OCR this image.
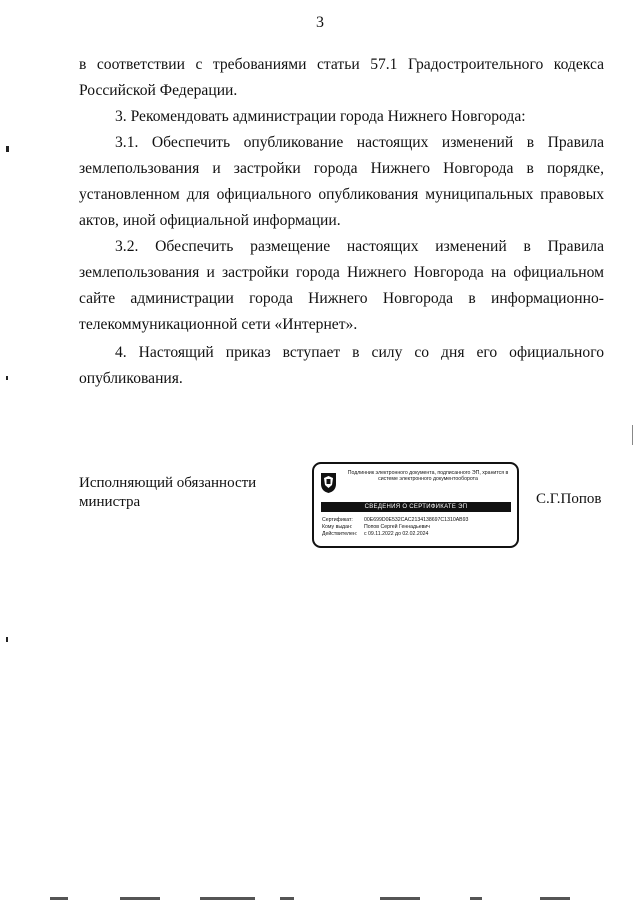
3
в соответствии с требованиями статьи 57.1 Градостроительного кодекса Российской Федерации.
3. Рекомендовать администрации города Нижнего Новгорода:
3.1. Обеспечить опубликование настоящих изменений в Правила землепользования и застройки города Нижнего Новгорода в порядке, установленном для официального опубликования муниципальных правовых актов, иной официальной информации.
3.2. Обеспечить размещение настоящих изменений в Правила землепользования и застройки города Нижнего Новгорода на официальном сайте администрации города Нижнего Новгорода в информационно-телекоммуникационной сети «Интернет».
4. Настоящий приказ вступает в силу со дня его официального опубликования.
Исполняющий обязанности
министра
Подлинник электронного документа, подписанного ЭП, хранится в системе электронного документооборота
СВЕДЕНИЯ О СЕРТИФИКАТЕ ЭП
Сертификат: 00E699D0E532CAC2134138697C1310AB93
Кому выдан: Попов Сергей Геннадьевич
Действителен: с 09.11.2022 до 02.02.2024
С.Г.Попов
